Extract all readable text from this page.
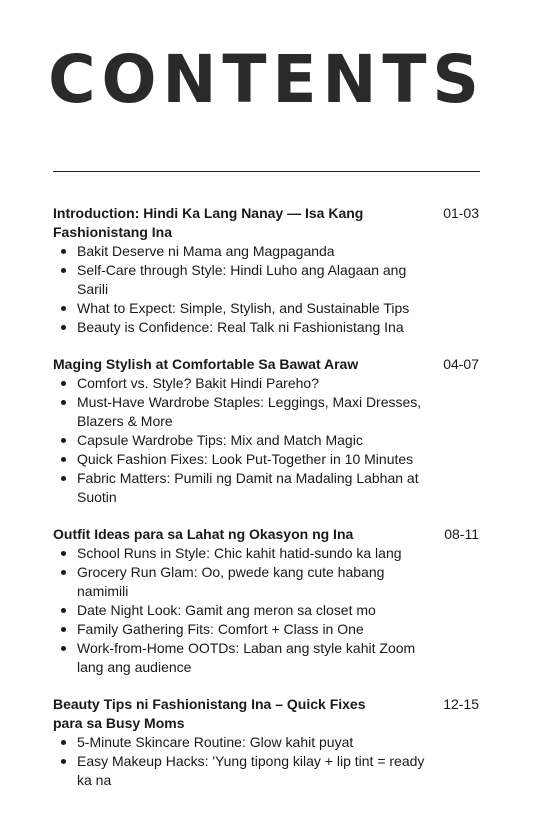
CONTENTS
Introduction: Hindi Ka Lang Nanay — Isa Kang Fashionistang Ina
01-03
Bakit Deserve ni Mama ang Magpaganda
Self-Care through Style: Hindi Luho ang Alagaan ang Sarili
What to Expect: Simple, Stylish, and Sustainable Tips
Beauty is Confidence: Real Talk ni Fashionistang Ina
Maging Stylish at Comfortable Sa Bawat Araw	04-07
Comfort vs. Style? Bakit Hindi Pareho?
Must-Have Wardrobe Staples: Leggings, Maxi Dresses, Blazers & More
Capsule Wardrobe Tips: Mix and Match Magic
Quick Fashion Fixes: Look Put-Together in 10 Minutes
Fabric Matters: Pumili ng Damit na Madaling Labhan at Suotin
Outfit Ideas para sa Lahat ng Okasyon ng Ina	08-11
School Runs in Style: Chic kahit hatid-sundo ka lang
Grocery Run Glam: Oo, pwede kang cute habang namimili
Date Night Look: Gamit ang meron sa closet mo
Family Gathering Fits: Comfort + Class in One
Work-from-Home OOTDs: Laban ang style kahit Zoom lang ang audience
Beauty Tips ni Fashionistang Ina – Quick Fixes para sa Busy Moms
12-15
5-Minute Skincare Routine: Glow kahit puyat
Easy Makeup Hacks: 'Yung tipong kilay + lip tint = ready ka na
